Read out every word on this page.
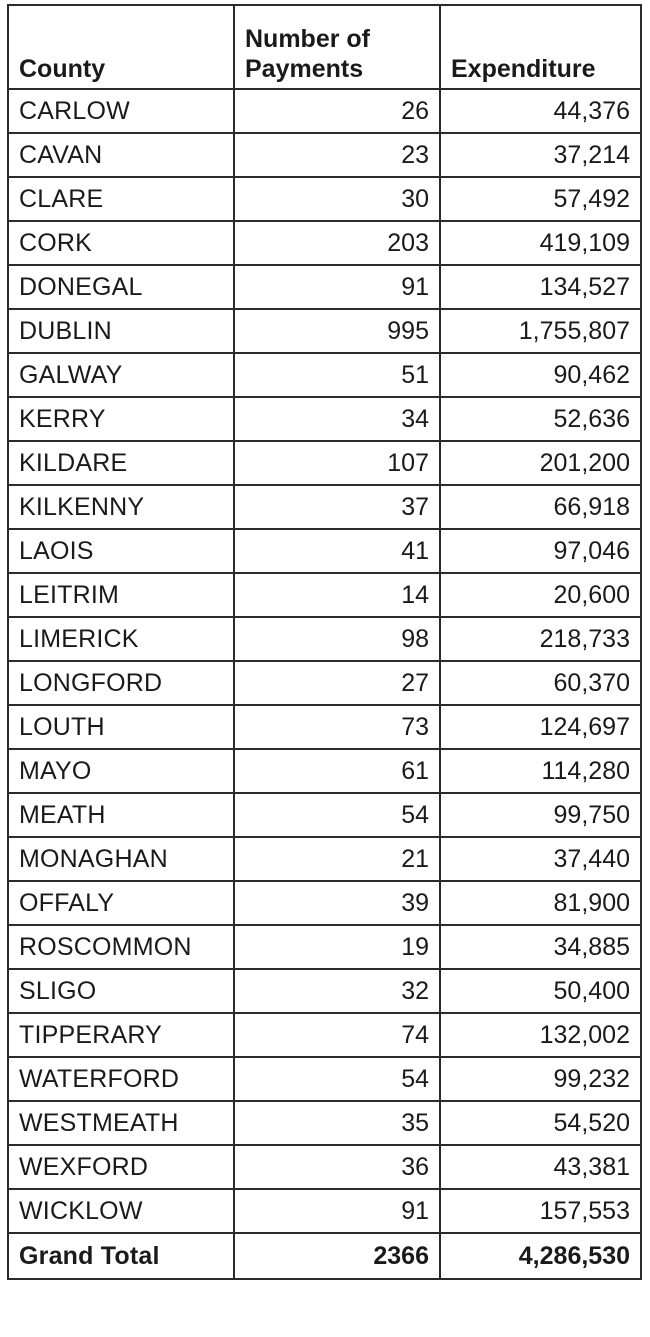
County	Number of Payments	Expenditure
CARLOW	26	44,376
CAVAN	23	37,214
CLARE	30	57,492
CORK	203	419,109
DONEGAL	91	134,527
DUBLIN	995	1,755,807
GALWAY	51	90,462
KERRY	34	52,636
KILDARE	107	201,200
KILKENNY	37	66,918
LAOIS	41	97,046
LEITRIM	14	20,600
LIMERICK	98	218,733
LONGFORD	27	60,370
LOUTH	73	124,697
MAYO	61	114,280
MEATH	54	99,750
MONAGHAN	21	37,440
OFFALY	39	81,900
ROSCOMMON	19	34,885
SLIGO	32	50,400
TIPPERARY	74	132,002
WATERFORD	54	99,232
WESTMEATH	35	54,520
WEXFORD	36	43,381
WICKLOW	91	157,553
Grand Total	2366	4,286,530
